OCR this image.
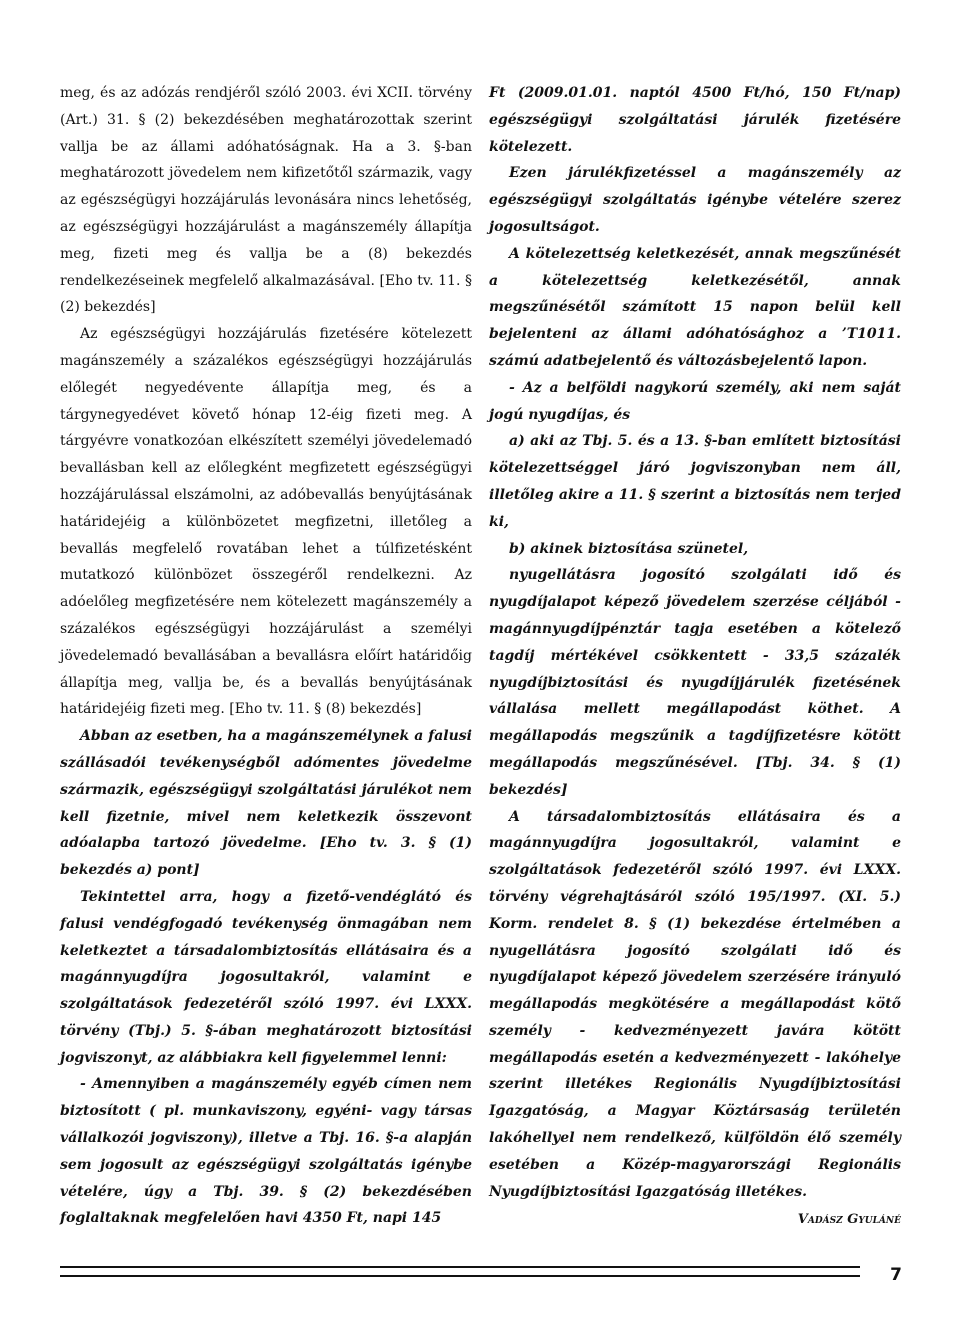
meg, és az adózás rendjéről szóló 2003. évi XCII. törvény (Art.) 31. § (2) bekezdésében meghatározottak szerint vallja be az állami adóhatóságnak. Ha a 3. §-ban meghatározott jövedelem nem kifizetőtől származik, vagy az egészségügyi hozzájárulás levonására nincs lehetőség, az egészségügyi hozzájárulást a magánszemély állapítja meg, fizeti meg és vallja be a (8) bekezdés rendelkezéseinek megfelelő alkalmazásával. [Eho tv. 11. § (2) bekezdés]

Az egészségügyi hozzájárulás fizetésére kötelezett magánszemély a százalékos egészségügyi hozzájárulás előlegét negyedévente állapítja meg, és a tárgynegyedévet követő hónap 12-éig fizeti meg. A tárgyévre vonatkozóan elkészített személyi jövedelemadó bevallásban kell az előlegként megfizetett egészségügyi hozzájárulással elszámolni, az adóbevallás benyújtásának határidejéig a különbözetet megfizetni, illetőleg a bevallás megfelelő rovatában lehet a túlfizetésként mutatkozó különbözet összegéről rendelkezni. Az adóelőleg megfizetésére nem kötelezett magánszemély a százalékos egészségügyi hozzájárulást a személyi jövedelemadó bevallásában a bevallásra előírt határidőig állapítja meg, vallja be, és a bevallás benyújtásának határidejéig fizeti meg. [Eho tv. 11. § (8) bekezdés]

Abban az esetben, ha a magánszemélynek a falusi szállásadói tevékenységből adómentes jövedelme származik, egészségügyi szolgáltatási járulékot nem kell fizetnie, mivel nem keletkezik összevont adóalapba tartozó jövedelme. [Eho tv. 3. § (1) bekezdés a) pont]

Tekintettel arra, hogy a fizető-vendéglátó és falusi vendégfogadó tevékenység önmagában nem keletkeztet a társadalombiztosítás ellátásaira és a magánnyugdíjra jogosultakról, valamint e szolgáltatások fedezetéről szóló 1997. évi LXXX. törvény (Tbj.) 5. §-ában meghatározott biztosítási jogviszonyt, az alábbiakra kell figyelemmel lenni:

- Amennyiben a magánszemély egyéb címen nem biztosított ( pl. munkaviszony, egyéni- vagy társas vállalkozói jogviszony), illetve a Tbj. 16. §-a alapján sem jogosult az egészségügyi szolgáltatás igénybe vételére, úgy a Tbj. 39. § (2) bekezdésében foglaltaknak megfelelően havi 4350 Ft, napi 145

Ft (2009.01.01. naptól 4500 Ft/hó, 150 Ft/nap) egészségügyi szolgáltatási járulék fizetésére kötelezett.

Ezen járulékfizetéssel a magánszemély az egészségügyi szolgáltatás igénybe vételére szerez jogosultságot.

A kötelezettség keletkezését, annak megszűnését a kötelezettség keletkezésétől, annak megszűnésétől számított 15 napon belül kell bejelenteni az állami adóhatósághoz a ’T1011. számú adatbejelentő és változásbejelentő lapon.

- Az a belföldi nagykorú személy, aki nem saját jogú nyugdíjas, és

a) aki az Tbj. 5. és a 13. §-ban említett biztosítási kötelezettséggel járó jogviszonyban nem áll, illetőleg akire a 11. § szerint a biztosítás nem terjed ki,

b) akinek biztosítása szünetel,

nyugellátásra jogosító szolgálati idő és nyugdíjalapot képező jövedelem szerzése céljából - magánnyugdíjpénztár tagja esetében a kötelező tagdíj mértékével csökkentett - 33,5 százalék nyugdíjbiztosítási és nyugdíjjárulék fizetésének vállalása mellett megállapodást köthet. A megállapodás megszűnik a tagdíjfizetésre kötött megállapodás megszűnésével. [Tbj. 34. § (1) bekezdés]

A társadalombiztosítás ellátásaira és a magánnyugdíjra jogosultakról, valamint e szolgáltatások fedezetéről szóló 1997. évi LXXX. törvény végrehajtásáról szóló 195/1997. (XI. 5.) Korm. rendelet 8. § (1) bekezdése értelmében a nyugellátásra jogosító szolgálati idő és nyugdíjalapot képező jövedelem szerzésére irányuló megállapodás megkötésére a megállapodást kötő személy - kedvezményezett javára kötött megállapodás esetén a kedvezményezett - lakóhelye szerint illetékes Regionális Nyugdíjbiztosítási Igazgatóság, a Magyar Köztársaság területén lakóhellyel nem rendelkező, külföldön élő személy esetében a Közép-magyarországi Regionális Nyugdíjbiztosítási Igazgatóság illetékes.

Vadász Gyuláné

7
